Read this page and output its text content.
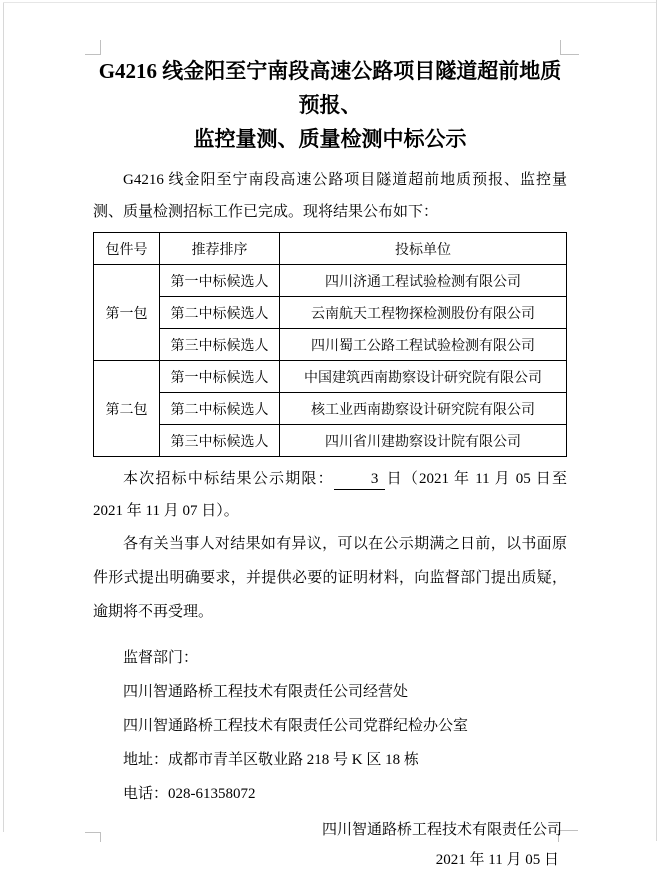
G4216 线金阳至宁南段高速公路项目隧道超前地质预报、
监控量测、质量检测中标公示

G4216 线金阳至宁南段高速公路项目隧道超前地质预报、监控量测、质量检测招标工作已完成。现将结果公布如下：

包件号	推荐排序	投标单位
第一包	第一中标候选人	四川济通工程试验检测有限公司
	第二中标候选人	云南航天工程物探检测股份有限公司
	第三中标候选人	四川蜀工公路工程试验检测有限公司
第二包	第一中标候选人	中国建筑西南勘察设计研究院有限公司
	第二中标候选人	核工业西南勘察设计研究院有限公司
	第三中标候选人	四川省川建勘察设计院有限公司

本次招标中标结果公示期限： 3 日（2021 年 11 月 05 日至 2021 年 11 月 07 日）。

各有关当事人对结果如有异议，可以在公示期满之日前，以书面原件形式提出明确要求，并提供必要的证明材料，向监督部门提出质疑，逾期将不再受理。

监督部门：
四川智通路桥工程技术有限责任公司经营处
四川智通路桥工程技术有限责任公司党群纪检办公室
地址：成都市青羊区敬业路 218 号 K 区 18 栋
电话：028-61358072
四川智通路桥工程技术有限责任公司
2021 年 11 月 05 日
